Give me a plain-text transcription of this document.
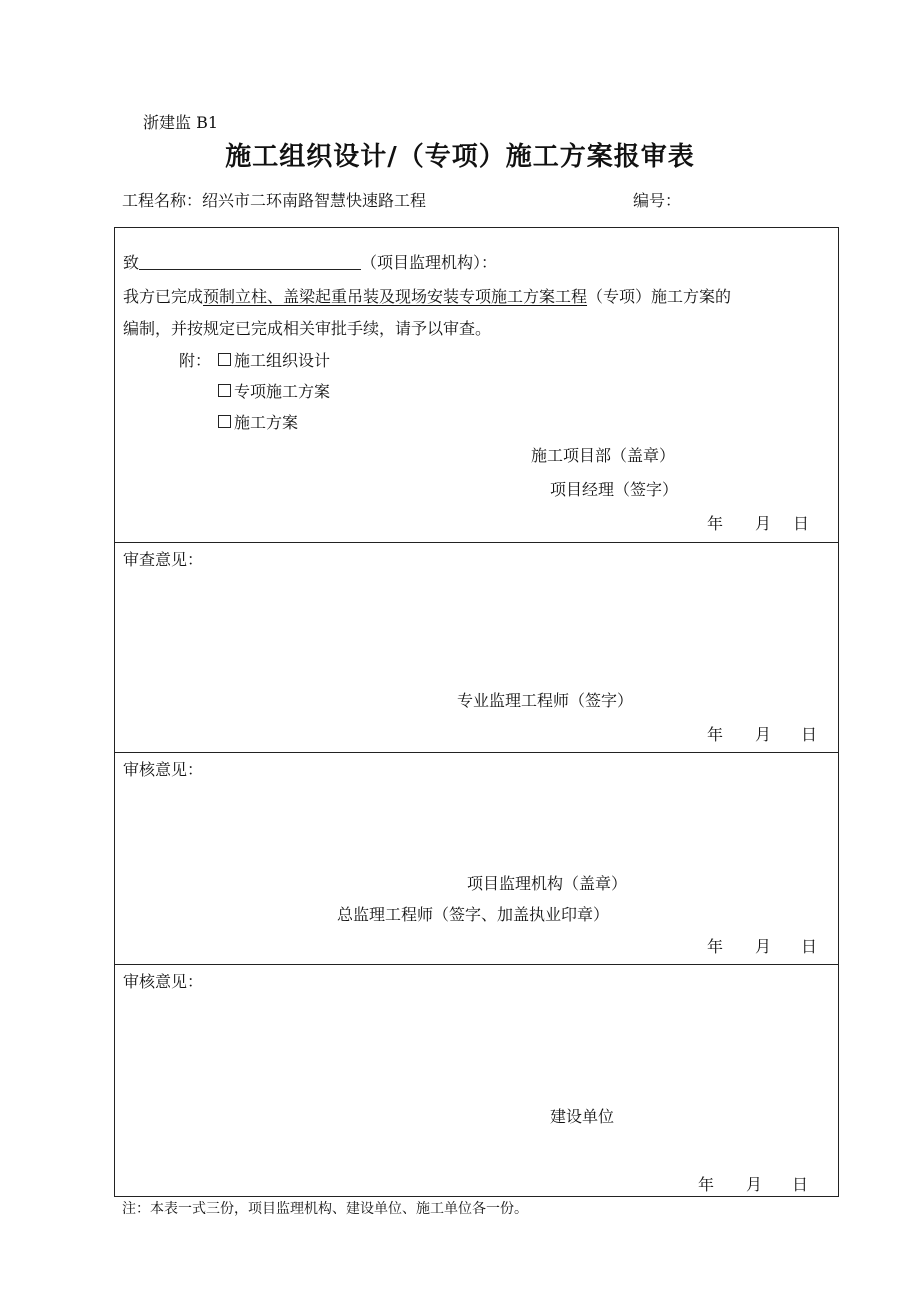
浙建监 B1
施工组织设计/（专项）施工方案报审表
工程名称：绍兴市二环南路智慧快速路工程	编号：
致	（项目监理机构）：
我方已完成预制立柱、盖梁起重吊装及现场安装专项施工方案工程（专项）施工方案的
编制，并按规定已完成相关审批手续，请予以审查。
附：	施工组织设计
专项施工方案
施工方案
施工项目部（盖章）
项目经理（签字）
年 月 日
审查意见：
专业监理工程师（签字）
年 月 日
审核意见：
项目监理机构（盖章）
总监理工程师（签字、加盖执业印章）
年 月 日
审核意见：
建设单位
年 月 日
注：本表一式三份，项目监理机构、建设单位、施工单位各一份。
